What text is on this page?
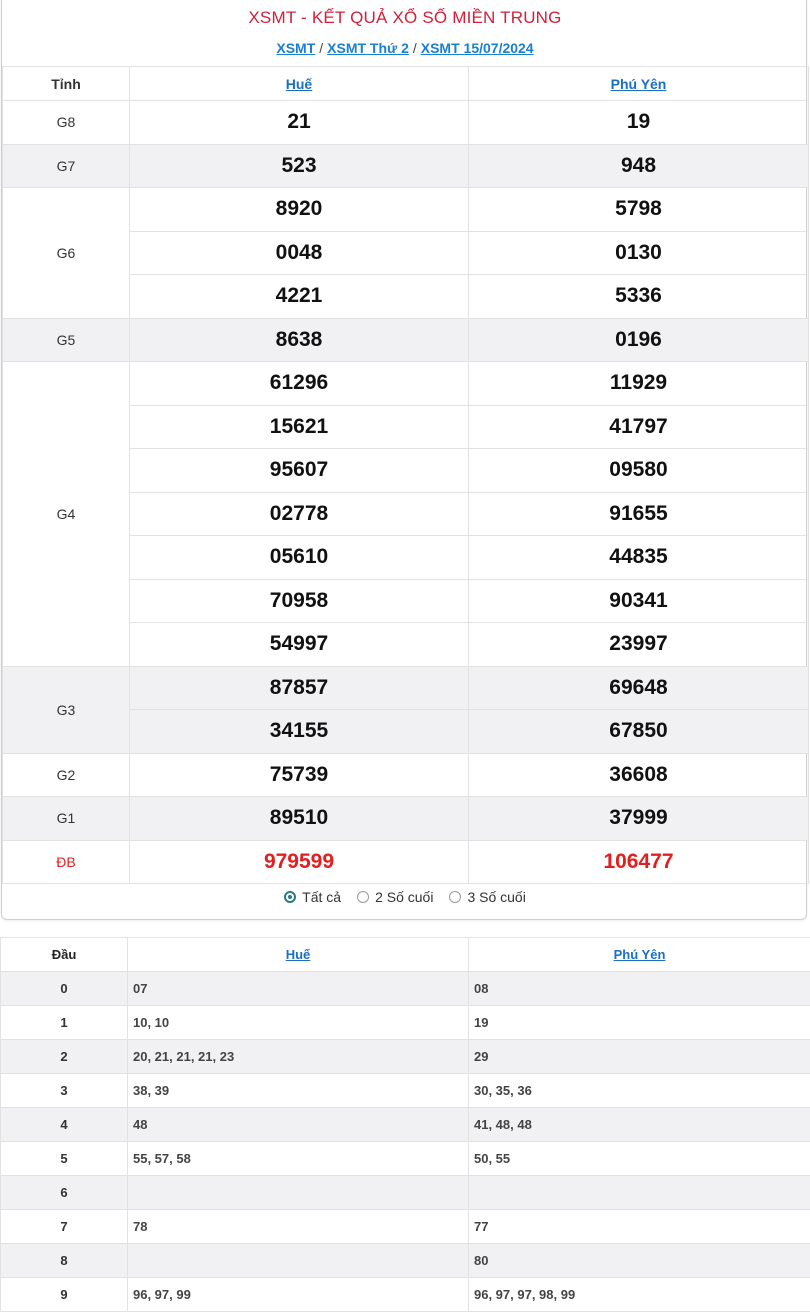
XSMT - KẾT QUẢ XỔ SỐ MIỀN TRUNG
XSMT / XSMT Thứ 2 / XSMT 15/07/2024
Tỉnh	Huế	Phú Yên
G8	21	19
G7	523	948
G6	8920	5798
	0048	0130
	4221	5336
G5	8638	0196
G4	61296	11929
	15621	41797
	95607	09580
	02778	91655
	05610	44835
	70958	90341
	54997	23997
G3	87857	69648
	34155	67850
G2	75739	36608
G1	89510	37999
ĐB	979599	106477
Tất cả 2 Số cuối 3 Số cuối
Đầu	Huế	Phú Yên
0	07	08
1	10, 10	19
2	20, 21, 21, 21, 23	29
3	38, 39	30, 35, 36
4	48	41, 48, 48
5	55, 57, 58	50, 55
6		
7	78	77
8		80
9	96, 97, 99	96, 97, 97, 98, 99
